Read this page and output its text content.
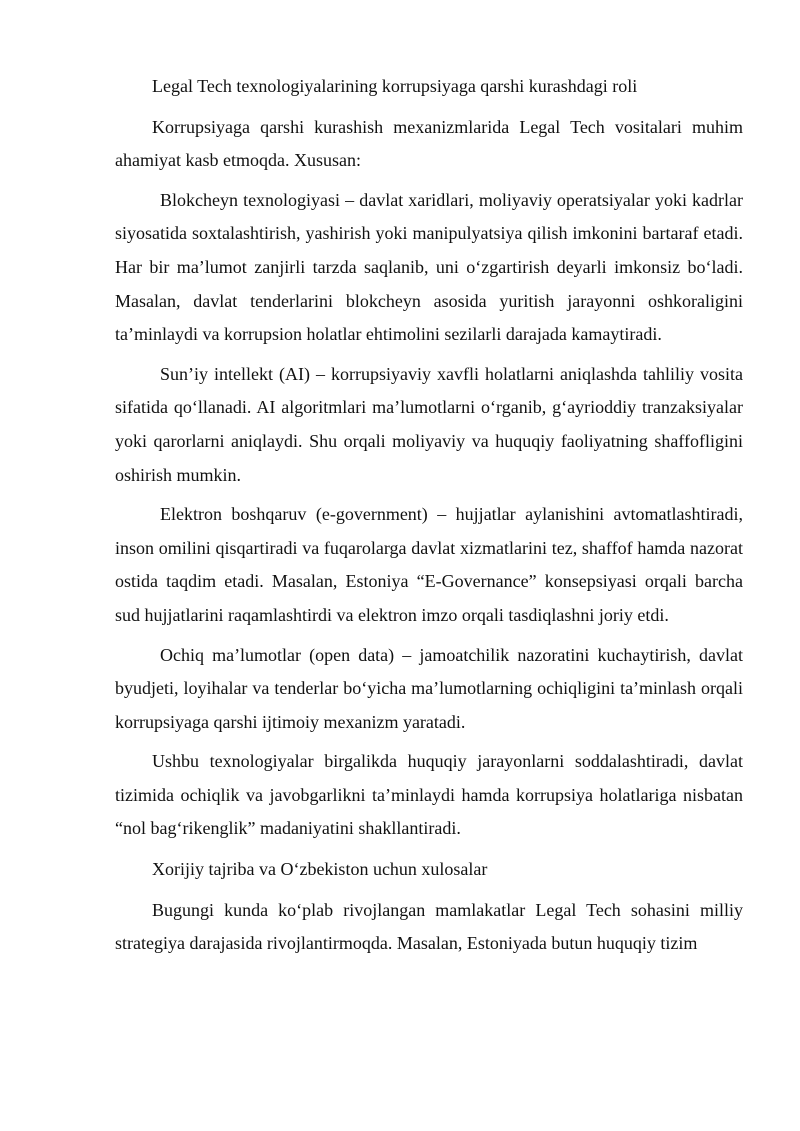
Legal Tech texnologiyalarining korrupsiyaga qarshi kurashdagi roli

Korrupsiyaga qarshi kurashish mexanizmlarida Legal Tech vositalari muhim ahamiyat kasb etmoqda. Xususan:

Blokcheyn texnologiyasi – davlat xaridlari, moliyaviy operatsiyalar yoki kadrlar siyosatida soxtalashtirish, yashirish yoki manipulyatsiya qilish imkonini bartaraf etadi. Har bir ma’lumot zanjirli tarzda saqlanib, uni o‘zgartirish deyarli imkonsiz bo‘ladi. Masalan, davlat tenderlarini blokcheyn asosida yuritish jarayonni oshkoraligini ta’minlaydi va korrupsion holatlar ehtimolini sezilarli darajada kamaytiradi.

Sun’iy intellekt (AI) – korrupsiyaviy xavfli holatlarni aniqlashda tahliliy vosita sifatida qo‘llanadi. AI algoritmlari ma’lumotlarni o‘rganib, g‘ayrioddiy tranzaksiyalar yoki qarorlarni aniqlaydi. Shu orqali moliyaviy va huquqiy faoliyatning shaffofligini oshirish mumkin.

Elektron boshqaruv (e-government) – hujjatlar aylanishini avtomatlashtiradi, inson omilini qisqartiradi va fuqarolarga davlat xizmatlarini tez, shaffof hamda nazorat ostida taqdim etadi. Masalan, Estoniya “E-Governance” konsepsiyasi orqali barcha sud hujjatlarini raqamlashtirdi va elektron imzo orqali tasdiqlashni joriy etdi.

Ochiq ma’lumotlar (open data) – jamoatchilik nazoratini kuchaytirish, davlat byudjeti, loyihalar va tenderlar bo‘yicha ma’lumotlarning ochiqligini ta’minlash orqali korrupsiyaga qarshi ijtimoiy mexanizm yaratadi.

Ushbu texnologiyalar birgalikda huquqiy jarayonlarni soddalashtiradi, davlat tizimida ochiqlik va javobgarlikni ta’minlaydi hamda korrupsiya holatlariga nisbatan “nol bag‘rikenglik” madaniyatini shakllantiradi.

Xorijiy tajriba va O‘zbekiston uchun xulosalar

Bugungi kunda ko‘plab rivojlangan mamlakatlar Legal Tech sohasini milliy strategiya darajasida rivojlantirmoqda. Masalan, Estoniyada butun huquqiy tizim
